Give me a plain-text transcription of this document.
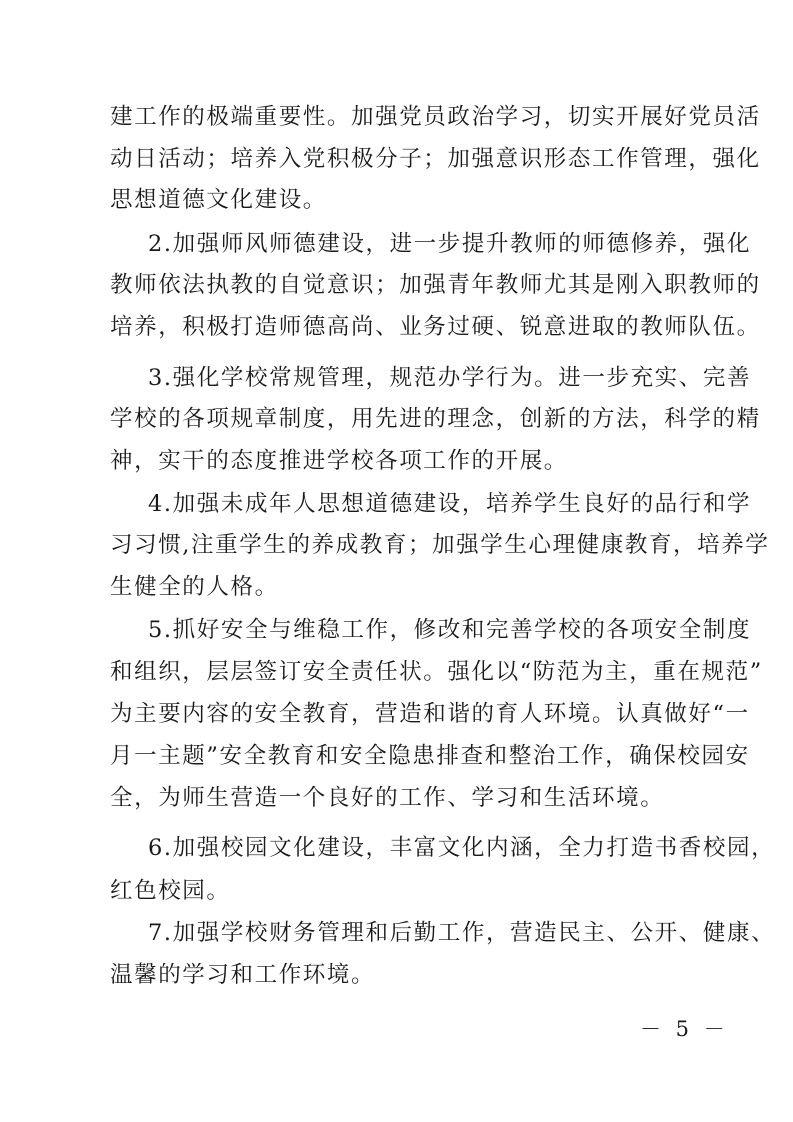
建工作的极端重要性。加强党员政治学习，切实开展好党员活
动日活动；培养入党积极分子；加强意识形态工作管理，强化
思想道德文化建设。
2.加强师风师德建设，进一步提升教师的师德修养，强化
教师依法执教的自觉意识；加强青年教师尤其是刚入职教师的
培养，积极打造师德高尚、业务过硬、锐意进取的教师队伍。
3.强化学校常规管理，规范办学行为。进一步充实、完善
学校的各项规章制度，用先进的理念，创新的方法，科学的精
神，实干的态度推进学校各项工作的开展。
4.加强未成年人思想道德建设，培养学生良好的品行和学
习习惯,注重学生的养成教育；加强学生心理健康教育，培养学
生健全的人格。
5.抓好安全与维稳工作，修改和完善学校的各项安全制度
和组织，层层签订安全责任状。强化以“防范为主，重在规范”
为主要内容的安全教育，营造和谐的育人环境。认真做好“一
月一主题”安全教育和安全隐患排查和整治工作，确保校园安
全，为师生营造一个良好的工作、学习和生活环境。
6.加强校园文化建设，丰富文化内涵，全力打造书香校园，
红色校园。
7.加强学校财务管理和后勤工作，营造民主、公开、健康、
温馨的学习和工作环境。
－ 5 －
